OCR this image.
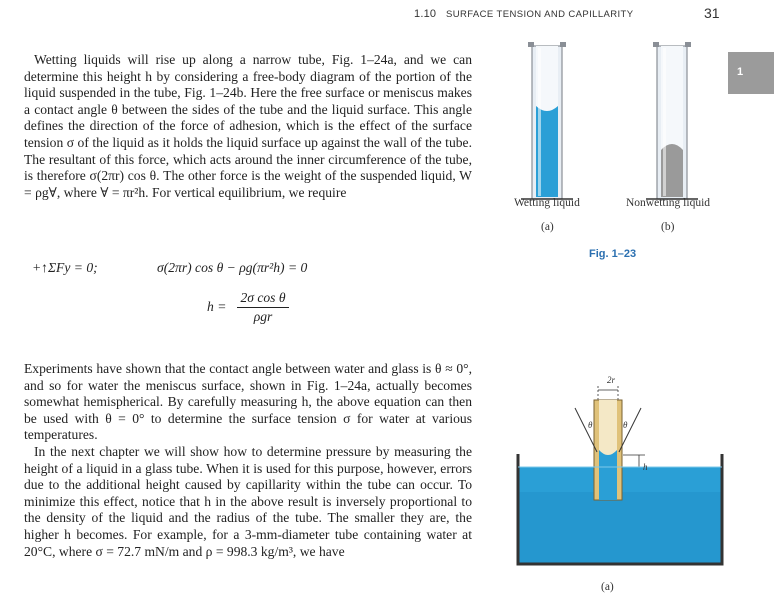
1.10 SURFACE TENSION AND CAPILLARITY	31
1
Wetting liquids will rise up along a narrow tube, Fig. 1–24a, and we can determine this height h by considering a free-body diagram of the portion of the liquid suspended in the tube, Fig. 1–24b. Here the free surface or meniscus makes a contact angle θ between the sides of the tube and the liquid surface. This angle defines the direction of the force of adhesion, which is the effect of the surface tension σ of the liquid as it holds the liquid surface up against the wall of the tube. The resultant of this force, which acts around the inner circumference of the tube, is therefore σ(2πr) cos θ. The other force is the weight of the suspended liquid, W = ρg∀, where ∀ = πr²h. For vertical equilibrium, we require
+↑ΣFy = 0;	σ(2πr) cos θ − ρg(πr²h) = 0
h =
2σ cos θ
ρgr
Experiments have shown that the contact angle between water and glass is θ ≈ 0°, and so for water the meniscus surface, shown in Fig. 1–24a, actually becomes somewhat hemispherical. By carefully measuring h, the above equation can then be used with θ = 0° to determine the surface tension σ for water at various temperatures.
In the next chapter we will show how to determine pressure by measuring the height of a liquid in a glass tube. When it is used for this purpose, however, errors due to the additional height caused by capillarity within the tube can occur. To minimize this effect, notice that h in the above result is inversely proportional to the density of the liquid and the radius of the tube. The smaller they are, the higher h becomes. For example, for a 3-mm-diameter tube containing water at 20°C, where σ = 72.7 mN/m and ρ = 998.3 kg/m³, we have
Wetting liquid
(a)
Nonwetting liquid
(b)
Fig. 1–23
2r
θ	θ
h
(a)
